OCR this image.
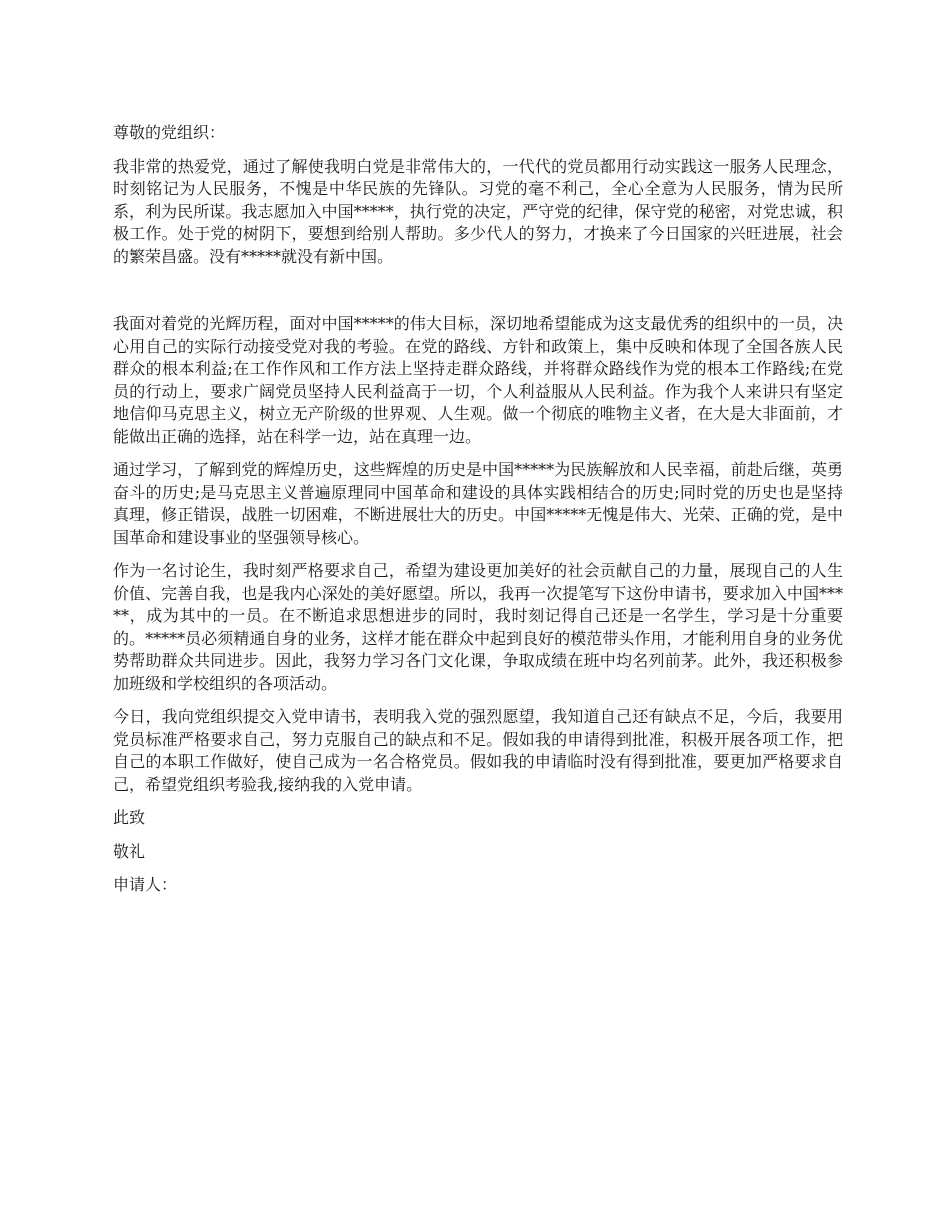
尊敬的党组织：

我非常的热爱党，通过了解使我明白党是非常伟大的，一代代的党员都用行动实践这一服务人民理念，时刻铭记为人民服务，不愧是中华民族的先锋队。习党的毫不利己，全心全意为人民服务，情为民所系，利为民所谋。我志愿加入中国*****，执行党的决定，严守党的纪律，保守党的秘密，对党忠诚，积极工作。处于党的树阴下，要想到给别人帮助。多少代人的努力，才换来了今日国家的兴旺进展，社会的繁荣昌盛。没有*****就没有新中国。

我面对着党的光辉历程，面对中国*****的伟大目标，深切地希望能成为这支最优秀的组织中的一员，决心用自己的实际行动接受党对我的考验。在党的路线、方针和政策上，集中反映和体现了全国各族人民群众的根本利益;在工作作风和工作方法上坚持走群众路线，并将群众路线作为党的根本工作路线;在党员的行动上，要求广阔党员坚持人民利益高于一切，个人利益服从人民利益。作为我个人来讲只有坚定地信仰马克思主义，树立无产阶级的世界观、人生观。做一个彻底的唯物主义者，在大是大非面前，才能做出正确的选择，站在科学一边，站在真理一边。

通过学习，了解到党的辉煌历史，这些辉煌的历史是中国*****为民族解放和人民幸福，前赴后继，英勇奋斗的历史;是马克思主义普遍原理同中国革命和建设的具体实践相结合的历史;同时党的历史也是坚持真理，修正错误，战胜一切困难，不断进展壮大的历史。中国*****无愧是伟大、光荣、正确的党，是中国革命和建设事业的坚强领导核心。

作为一名讨论生，我时刻严格要求自己，希望为建设更加美好的社会贡献自己的力量，展现自己的人生价值、完善自我，也是我内心深处的美好愿望。所以，我再一次提笔写下这份申请书，要求加入中国*****，成为其中的一员。在不断追求思想进步的同时，我时刻记得自己还是一名学生，学习是十分重要的。*****员必须精通自身的业务，这样才能在群众中起到良好的模范带头作用，才能利用自身的业务优势帮助群众共同进步。因此，我努力学习各门文化课，争取成绩在班中均名列前茅。此外，我还积极参加班级和学校组织的各项活动。

今日，我向党组织提交入党申请书，表明我入党的强烈愿望，我知道自己还有缺点不足，今后，我要用党员标准严格要求自己，努力克服自己的缺点和不足。假如我的申请得到批准，积极开展各项工作，把自己的本职工作做好，使自己成为一名合格党员。假如我的申请临时没有得到批准，要更加严格要求自己，希望党组织考验我,接纳我的入党申请。

此致

敬礼

申请人：
